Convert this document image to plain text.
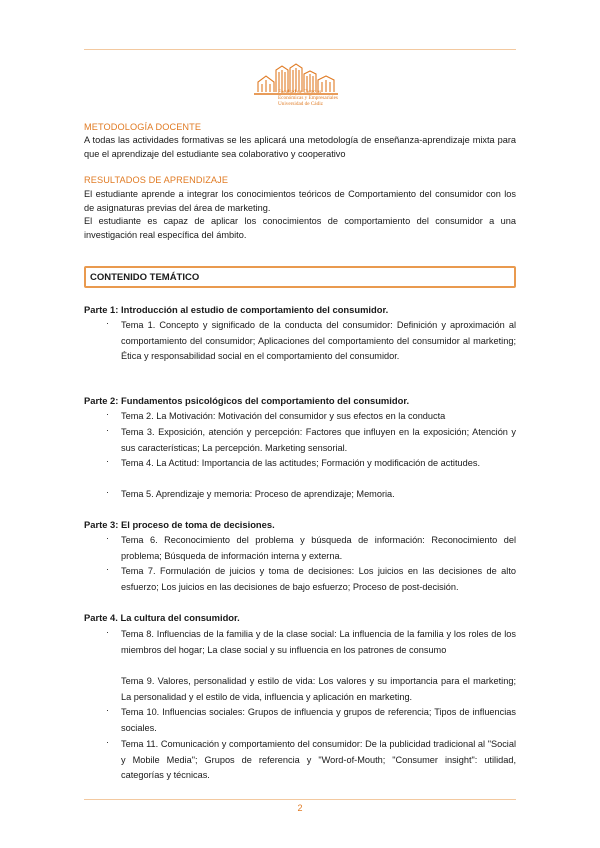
Facultad de Ciencias
Económicas y Empresariales
Universidad de Cádiz
METODOLOGÍA DOCENTE
A todas las actividades formativas se les aplicará una metodología de enseñanza-aprendizaje mixta para que el aprendizaje del estudiante sea colaborativo y cooperativo
RESULTADOS DE APRENDIZAJE
El estudiante aprende a integrar los conocimientos teóricos de Comportamiento del consumidor con los de asignaturas previas del área de marketing.
El estudiante es capaz de aplicar los conocimientos de comportamiento del consumidor a una investigación real específica del ámbito.
CONTENIDO TEMÁTICO
Parte 1: Introducción al estudio de comportamiento del consumidor.
· Tema 1. Concepto y significado de la conducta del consumidor: Definición y aproximación al comportamiento del consumidor; Aplicaciones del comportamiento del consumidor al marketing; Ética y responsabilidad social en el comportamiento del consumidor.
Parte 2: Fundamentos psicológicos del comportamiento del consumidor.
· Tema 2. La Motivación: Motivación del consumidor y sus efectos en la conducta
· Tema 3. Exposición, atención y percepción: Factores que influyen en la exposición; Atención y sus características; La percepción. Marketing sensorial.
· Tema 4. La Actitud: Importancia de las actitudes; Formación y modificación de actitudes.
· Tema 5. Aprendizaje y memoria: Proceso de aprendizaje; Memoria.
Parte 3: El proceso de toma de decisiones.
· Tema 6. Reconocimiento del problema y búsqueda de información: Reconocimiento del problema; Búsqueda de información interna y externa.
· Tema 7. Formulación de juicios y toma de decisiones: Los juicios en las decisiones de alto esfuerzo; Los juicios en las decisiones de bajo esfuerzo; Proceso de post-decisión.
Parte 4. La cultura del consumidor.
· Tema 8. Influencias de la familia y de la clase social: La influencia de la familia y los roles de los miembros del hogar; La clase social y su influencia en los patrones de consumo
Tema 9. Valores, personalidad y estilo de vida: Los valores y su importancia para el marketing; La personalidad y el estilo de vida, influencia y aplicación en marketing.
· Tema 10. Influencias sociales: Grupos de influencia y grupos de referencia; Tipos de influencias sociales.
· Tema 11. Comunicación y comportamiento del consumidor: De la publicidad tradicional al "Social y Mobile Media"; Grupos de referencia y "Word-of-Mouth; "Consumer insight": utilidad, categorías y técnicas.
2
